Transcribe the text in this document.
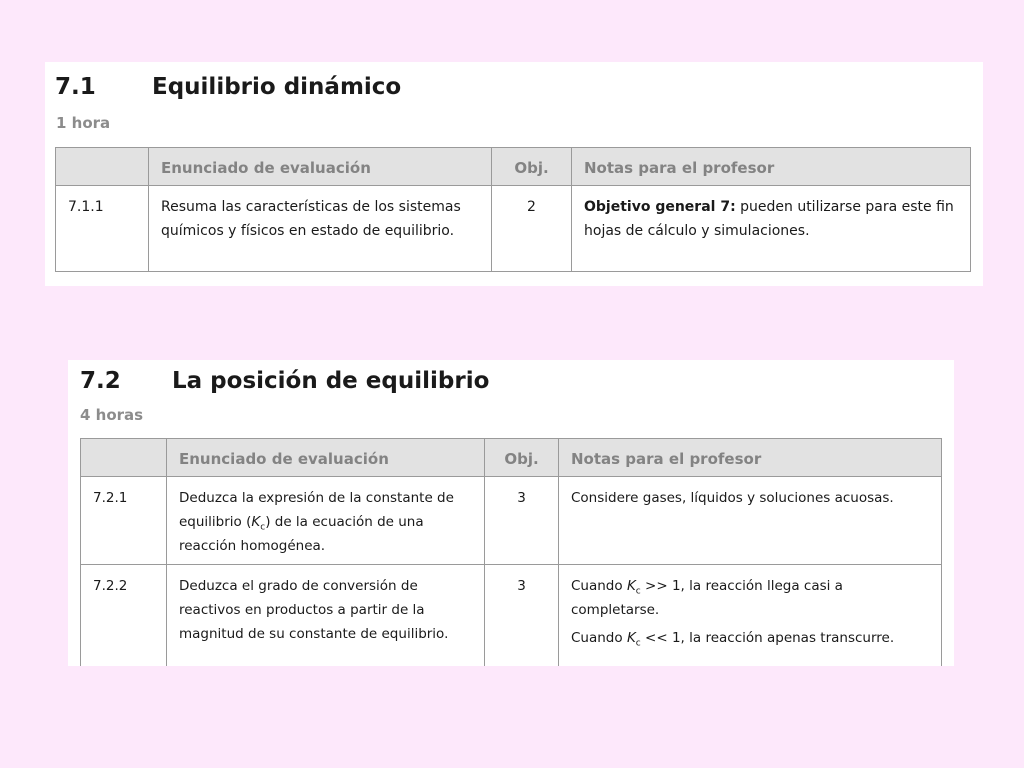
7.1 Equilibrio dinámico
1 hora
	Enunciado de evaluación	Obj.	Notas para el profesor
7.1.1	Resuma las características de los sistemas químicos y físicos en estado de equilibrio.	2	Objetivo general 7: pueden utilizarse para este fin hojas de cálculo y simulaciones.
7.2 La posición de equilibrio
4 horas
	Enunciado de evaluación	Obj.	Notas para el profesor
7.2.1	Deduzca la expresión de la constante de equilibrio $(K_c)$ de la ecuación de una reacción homogénea.	3	Considere gases, líquidos y soluciones acuosas.
7.2.2	Deduzca el grado de conversión de reactivos en productos a partir de la magnitud de su constante de equilibrio.	3	Cuando $K_c >> 1$, la reacción llega casi a completarse.

Cuando $K_c << 1$, la reacción apenas transcurre.
